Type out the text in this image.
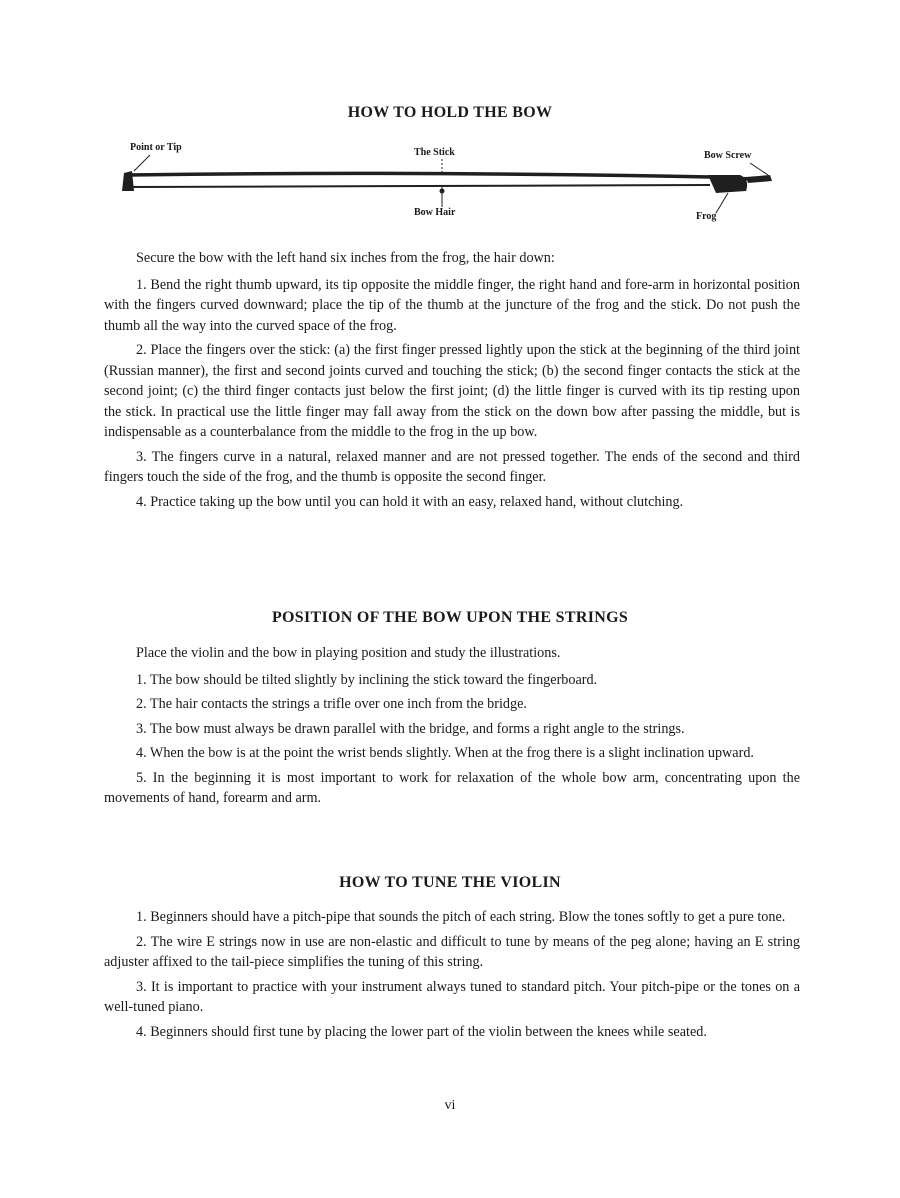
HOW TO HOLD THE BOW
Point or Tip	The Stick	Bow Screw
Bow Hair	Frog

Secure the bow with the left hand six inches from the frog, the hair down:

1. Bend the right thumb upward, its tip opposite the middle finger, the right hand and fore-arm in horizontal position with the fingers curved downward; place the tip of the thumb at the juncture of the frog and the stick. Do not push the thumb all the way into the curved space of the frog.

2. Place the fingers over the stick: (a) the first finger pressed lightly upon the stick at the beginning of the third joint (Russian manner), the first and second joints curved and touching the stick; (b) the second finger contacts the stick at the second joint; (c) the third finger contacts just below the first joint; (d) the little finger is curved with its tip resting upon the stick. In practical use the little finger may fall away from the stick on the down bow after passing the middle, but is indispensable as a counterbalance from the middle to the frog in the up bow.

3. The fingers curve in a natural, relaxed manner and are not pressed together. The ends of the second and third fingers touch the side of the frog, and the thumb is opposite the second finger.

4. Practice taking up the bow until you can hold it with an easy, relaxed hand, without clutching.

POSITION OF THE BOW UPON THE STRINGS

Place the violin and the bow in playing position and study the illustrations.

1. The bow should be tilted slightly by inclining the stick toward the fingerboard.

2. The hair contacts the strings a trifle over one inch from the bridge.

3. The bow must always be drawn parallel with the bridge, and forms a right angle to the strings.

4. When the bow is at the point the wrist bends slightly. When at the frog there is a slight inclination upward.

5. In the beginning it is most important to work for relaxation of the whole bow arm, concentrating upon the movements of hand, forearm and arm.

HOW TO TUNE THE VIOLIN

1. Beginners should have a pitch-pipe that sounds the pitch of each string. Blow the tones softly to get a pure tone.

2. The wire E strings now in use are non-elastic and difficult to tune by means of the peg alone; having an E string adjuster affixed to the tail-piece simplifies the tuning of this string.

3. It is important to practice with your instrument always tuned to standard pitch. Your pitch-pipe or the tones on a well-tuned piano.

4. Beginners should first tune by placing the lower part of the violin between the knees while seated.

vi
